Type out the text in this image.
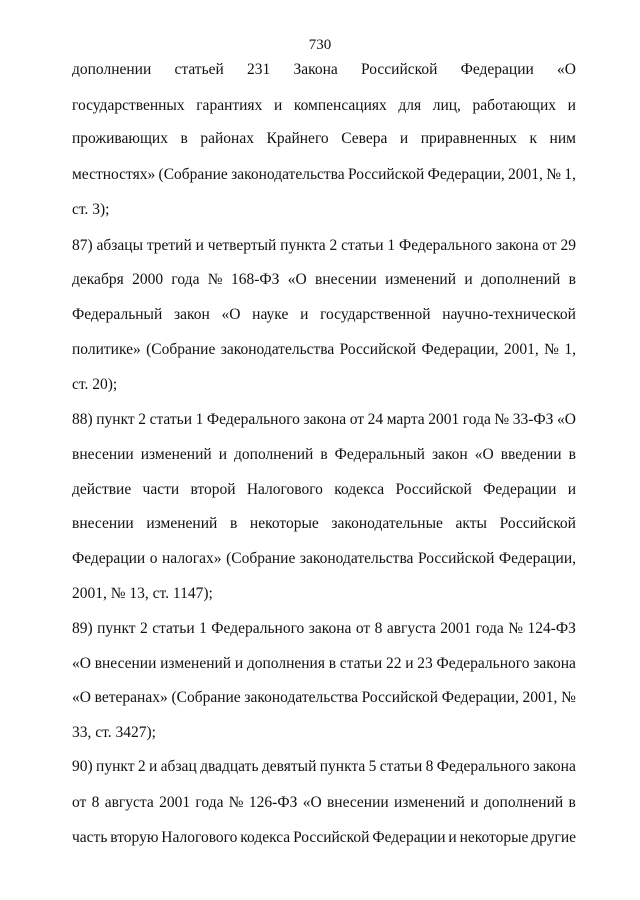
730
дополнении статьей 231 Закона Российской Федерации «О
государственных гарантиях и компенсациях для лиц, работающих и
проживающих в районах Крайнего Севера и приравненных к ним
местностях» (Собрание законодательства Российской Федерации, 2001, № 1,
ст. 3);
87) абзацы третий и четвертый пункта 2 статьи 1 Федерального закона от 29
декабря 2000 года № 168-ФЗ «О внесении изменений и дополнений в
Федеральный закон «О науке и государственной научно-технической
политике» (Собрание законодательства Российской Федерации, 2001, № 1,
ст. 20);
88) пункт 2 статьи 1 Федерального закона от 24 марта 2001 года № 33-ФЗ «О
внесении изменений и дополнений в Федеральный закон «О введении в
действие части второй Налогового кодекса Российской Федерации и
внесении изменений в некоторые законодательные акты Российской
Федерации о налогах» (Собрание законодательства Российской Федерации,
2001, № 13, ст. 1147);
89) пункт 2 статьи 1 Федерального закона от 8 августа 2001 года № 124-ФЗ
«О внесении изменений и дополнения в статьи 22 и 23 Федерального закона
«О ветеранах» (Собрание законодательства Российской Федерации, 2001, №
33, ст. 3427);
90) пункт 2 и абзац двадцать девятый пункта 5 статьи 8 Федерального закона
от 8 августа 2001 года № 126-ФЗ «О внесении изменений и дополнений в
часть вторую Налогового кодекса Российской Федерации и некоторые другие
